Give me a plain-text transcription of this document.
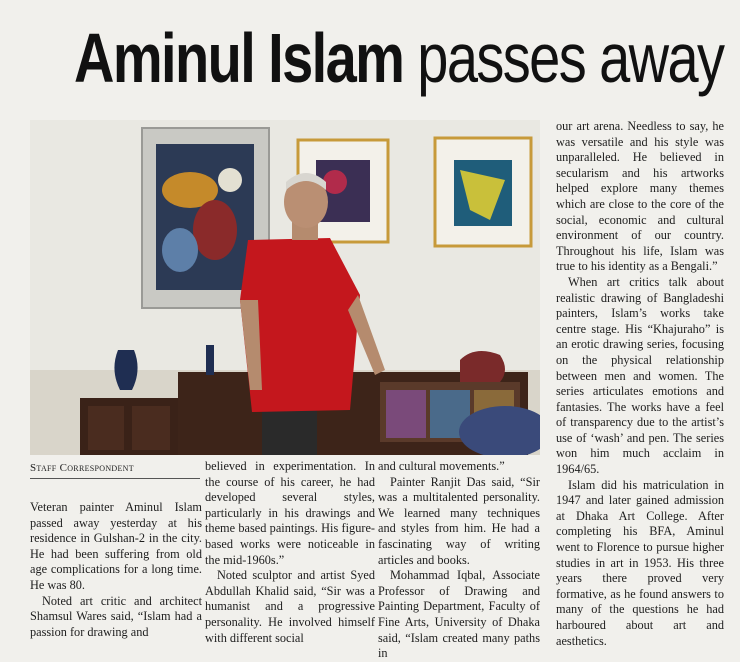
Aminul Islam passes away
Staff Correspondent

Veteran painter Aminul Islam passed away yesterday at his residence in Gulshan-2 in the city. He had been suffering from old age complications for a long time. He was 80.

Noted art critic and architect Shamsul Wares said, “Islam had a passion for drawing and

believed in experimentation. In the course of his career, he had developed several styles, particularly in his drawings and theme based paintings. His figure-based works were noticeable in the mid-1960s.”

Noted sculptor and artist Syed Abdullah Khalid said, “Sir was a humanist and a progressive personality. He involved himself with different social

and cultural movements.”

Painter Ranjit Das said, “Sir was a multitalented personality. We learned many techniques and styles from him. He had a fascinating way of writing articles and books.

Mohammad Iqbal, Associate Professor of Drawing and Painting Department, Faculty of Fine Arts, University of Dhaka said, “Islam created many paths in

our art arena. Needless to say, he was versatile and his style was unparalleled. He believed in secularism and his artworks helped explore many themes which are close to the core of the social, economic and cultural environment of our country. Throughout his life, Islam was true to his identity as a Bengali.”

When art critics talk about realistic drawing of Bangladeshi painters, Islam’s works take centre stage. His “Khajuraho” is an erotic drawing series, focusing on the physical relationship between men and women. The series articulates emotions and fantasies. The works have a feel of transparency due to the artist’s use of ‘wash’ and pen. The series won him much acclaim in 1964/65.

Islam did his matriculation in 1947 and later gained admission at Dhaka Art College. After completing his BFA, Aminul went to Florence to pursue higher studies in art in 1953. His three years there proved very formative, as he found answers to many of the questions he had harboured about art and aesthetics.
